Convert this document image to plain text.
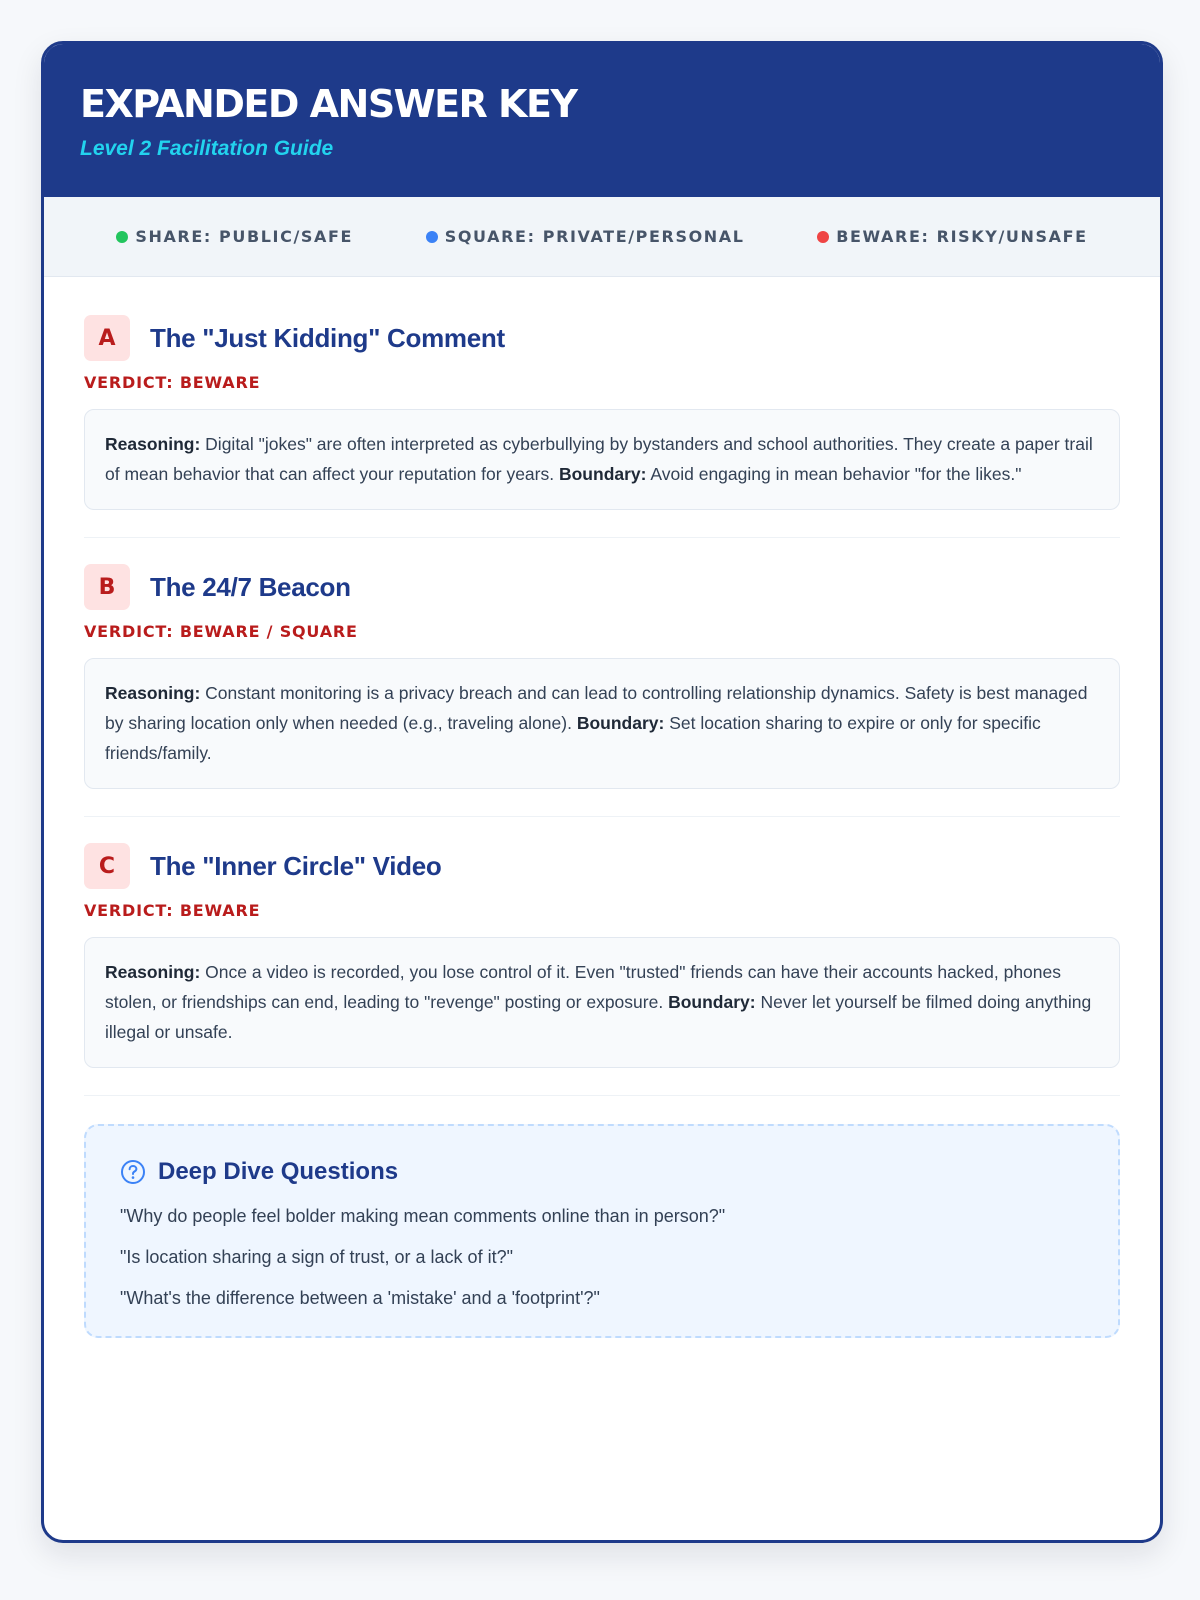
EXPANDED ANSWER KEY
Level 2 Facilitation Guide
SHARE: PUBLIC/SAFE	SQUARE: PRIVATE/PERSONAL	BEWARE: RISKY/UNSAFE
A	The "Just Kidding" Comment
VERDICT: BEWARE
Reasoning: Digital "jokes" are often interpreted as cyberbullying by bystanders and school authorities. They create a paper trail of mean behavior that can affect your reputation for years. Boundary: Avoid engaging in mean behavior "for the likes."
B	The 24/7 Beacon
VERDICT: BEWARE / SQUARE
Reasoning: Constant monitoring is a privacy breach and can lead to controlling relationship dynamics. Safety is best managed by sharing location only when needed (e.g., traveling alone). Boundary: Set location sharing to expire or only for specific friends/family.
C	The "Inner Circle" Video
VERDICT: BEWARE
Reasoning: Once a video is recorded, you lose control of it. Even "trusted" friends can have their accounts hacked, phones stolen, or friendships can end, leading to "revenge" posting or exposure. Boundary: Never let yourself be filmed doing anything illegal or unsafe.
Deep Dive Questions
"Why do people feel bolder making mean comments online than in person?"
"Is location sharing a sign of trust, or a lack of it?"
"What's the difference between a 'mistake' and a 'footprint'?"
